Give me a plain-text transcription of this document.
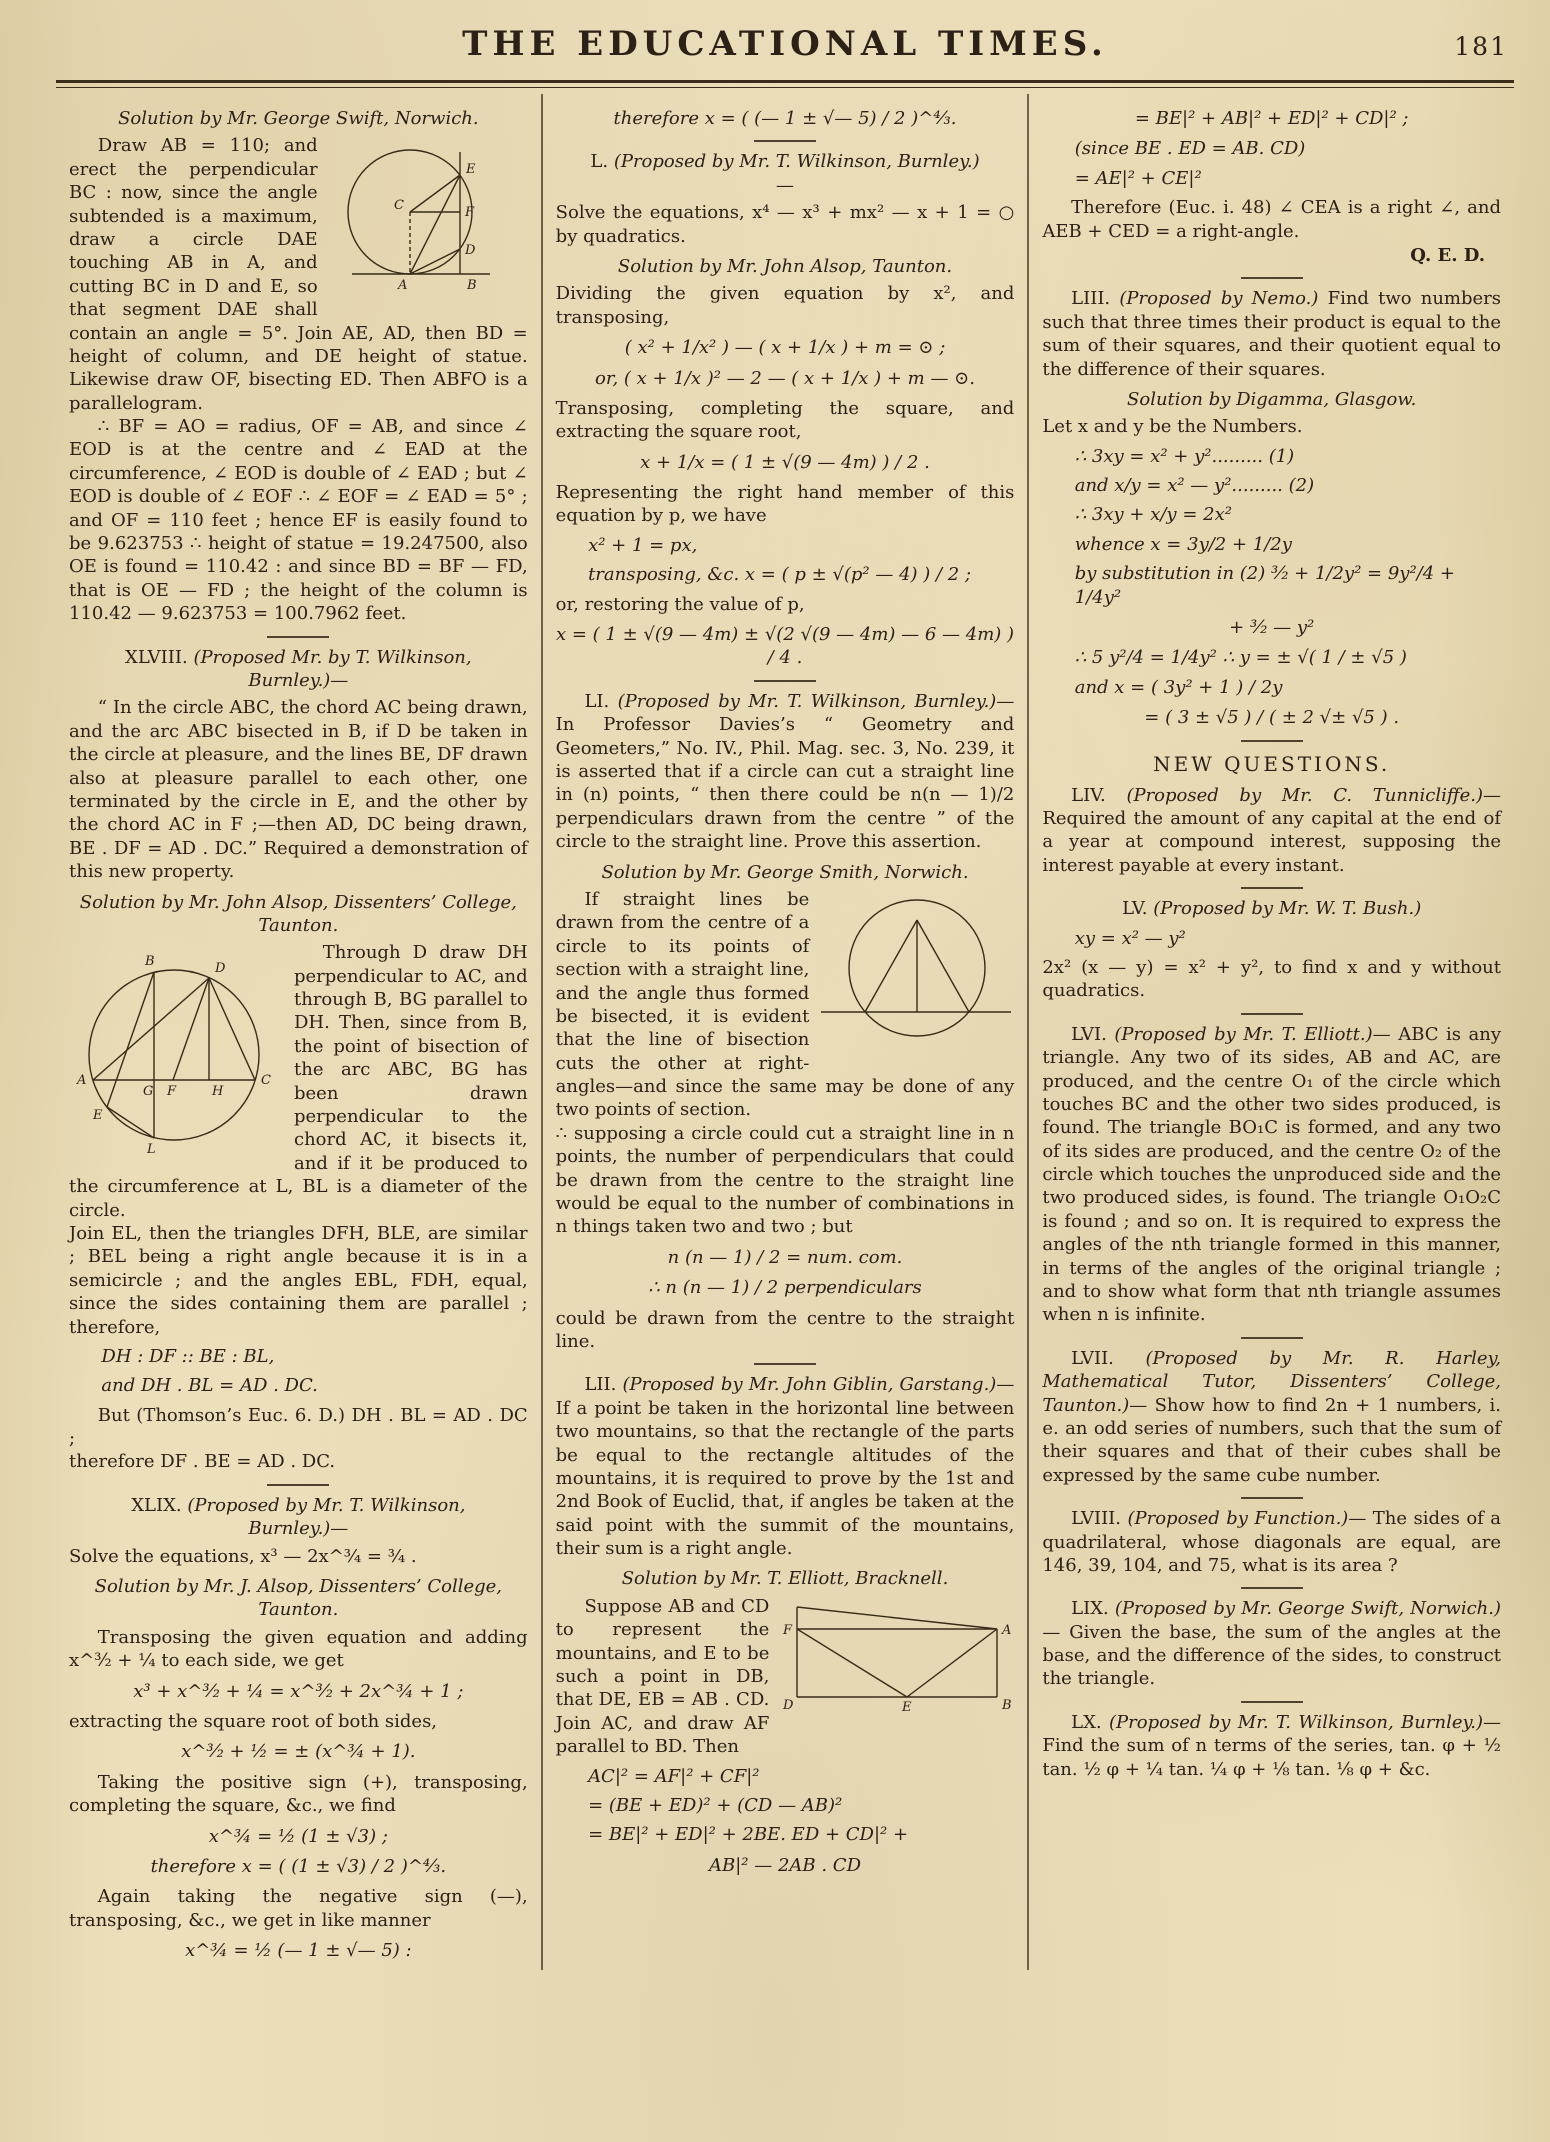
THE EDUCATIONAL TIMES.	181

Solution by Mr. George Swift, Norwich.

E
C	F
D
A	B
Draw AB = 110; and erect the perpendicular BC : now, since the angle subtended is a maximum, draw a circle DAE touching AB in A, and cutting BC in D and E, so that segment DAE shall contain an angle = 5°. Join AE, AD, then BD = height of column, and DE height of statue. Likewise draw OF, bisecting ED. Then ABFO is a parallelogram.

∴ BF = AO = radius, OF = AB, and since ∠ EOD is at the centre and ∠ EAD at the circumference, ∠ EOD is double of ∠ EAD ; but ∠ EOD is double of ∠ EOF ∴ ∠ EOF = ∠ EAD = 5° ; and OF = 110 feet ; hence EF is easily found to be 9.623753 ∴ height of statue = 19.247500, also OE is found = 110.42 : and since BD = BF — FD, that is OE — FD ; the height of the column is 110.42 — 9.623753 = 100.7962 feet.

XLVIII. (Proposed Mr. by T. Wilkinson, Burnley.)—

“ In the circle ABC, the chord AC being drawn, and the arc ABC bisected in B, if D be taken in the circle at pleasure, and the lines BE, DF drawn also at pleasure parallel to each other, one terminated by the circle in E, and the other by the chord AC in F ;—then AD, DC being drawn, BE . DF = AD . DC.” Required a demonstration of this new property.

Solution by Mr. John Alsop, Dissenters’ College, Taunton.

B	D
A
G F	H
C
E
L
Through D draw DH perpendicular to AC, and through B, BG parallel to DH. Then, since from B, the point of bisection of the arc ABC, BG has been drawn perpendicular to the chord AC, it bisects it, and if it be produced to the circumference at L, BL is a diameter of the circle.

Join EL, then the triangles DFH, BLE, are similar ; BEL being a right angle because it is in a semicircle ; and the angles EBL, FDH, equal, since the sides containing them are parallel ; therefore,

DH : DF :: BE : BL,

and DH . BL = AD . DC.

But (Thomson’s Euc. 6. D.) DH . BL = AD . DC ;

therefore DF . BE = AD . DC.

XLIX. (Proposed by Mr. T. Wilkinson, Burnley.)—

Solve the equations, x³ — 2x^¾ = ¾ .

Solution by Mr. J. Alsop, Dissenters’ College, Taunton.

Transposing the given equation and adding x^³⁄₂ + ¼ to each side, we get

x³ + x^³⁄₂ + ¼ = x^³⁄₂ + 2x^¾ + 1 ;

extracting the square root of both sides,

x^³⁄₂ + ½ = ± (x^¾ + 1).

Taking the positive sign (+), transposing, completing the square, &c., we find

x^¾ = ½ (1 ± √3) ;

therefore x = ( (1 ± √3) / 2 )^⁴⁄₃.

Again taking the negative sign (—), transposing, &c., we get in like manner

x^¾ = ½ (— 1 ± √— 5) :

therefore x = ( (— 1 ± √— 5) / 2 )^⁴⁄₃.

L. (Proposed by Mr. T. Wilkinson, Burnley.)—

Solve the equations, x⁴ — x³ + mx² — x + 1 = ○ by quadratics.

Solution by Mr. John Alsop, Taunton.

Dividing the given equation by x², and transposing,

( x² + 1/x² ) — ( x + 1/x ) + m = ⊙ ;

or, ( x + 1/x )² — 2 — ( x + 1/x ) + m — ⊙.

Transposing, completing the square, and extracting the square root,

x + 1/x = ( 1 ± √(9 — 4m) ) / 2 .

Representing the right hand member of this equation by p, we have

x² + 1 = px,

transposing, &c. x = ( p ± √(p² — 4) ) / 2 ;

or, restoring the value of p,

x = ( 1 ± √(9 — 4m) ± √(2 √(9 — 4m) — 6 — 4m) ) / 4 .

LI. (Proposed by Mr. T. Wilkinson, Burnley.)— In Professor Davies’s “ Geometry and Geometers,” No. IV., Phil. Mag. sec. 3, No. 239, it is asserted that if a circle can cut a straight line in (n) points, “ then there could be n(n — 1)/2 perpendiculars drawn from the centre ” of the circle to the straight line. Prove this assertion.

Solution by Mr. George Smith, Norwich.

If straight lines be drawn from the centre of a circle to its points of section with a straight line, and the angle thus formed be bisected, it is evident that the line of bisection cuts the other at right-angles—and since the same may be done of any two points of section.

∴ supposing a circle could cut a straight line in n points, the number of perpendiculars that could be drawn from the centre to the straight line would be equal to the number of combinations in n things taken two and two ; but

n (n — 1) / 2 = num. com.

∴ n (n — 1) / 2 perpendiculars

could be drawn from the centre to the straight line.

LII. (Proposed by Mr. John Giblin, Garstang.)— If a point be taken in the horizontal line between two mountains, so that the rectangle of the parts be equal to the rectangle altitudes of the mountains, it is required to prove by the 1st and 2nd Book of Euclid, that, if angles be taken at the said point with the summit of the mountains, their sum is a right angle.

Solution by Mr. T. Elliott, Bracknell.

F	A
D	E	B
Suppose AB and CD to represent the mountains, and E to be such a point in DB, that DE, EB = AB . CD. Join AC, and draw AF parallel to BD. Then

AC|² = AF|² + CF|²

= (BE + ED)² + (CD — AB)²

= BE|² + ED|² + 2BE. ED + CD|² +

AB|² — 2AB . CD

= BE|² + AB|² + ED|² + CD|² ;

(since BE . ED = AB. CD)

= AE|² + CE|²

Therefore (Euc. i. 48) ∠ CEA is a right ∠, and AEB + CED = a right-angle.

Q. E. D.

LIII. (Proposed by Nemo.) Find two numbers such that three times their product is equal to the sum of their squares, and their quotient equal to the difference of their squares.

Solution by Digamma, Glasgow.

Let x and y be the Numbers.

∴ 3xy = x² + y²......... (1)

and x/y = x² — y²......... (2)

∴ 3xy + x/y = 2x²

whence x = 3y/2 + 1/2y

by substitution in (2) ³⁄₂ + 1/2y² = 9y²/4 + 1/4y²

+ ³⁄₂ — y²

∴ 5 y²/4 = 1/4y² ∴ y = ± √( 1 / ± √5 )

and x = ( 3y² + 1 ) / 2y

= ( 3 ± √5 ) / ( ± 2 √± √5 ) .

NEW QUESTIONS.

LIV. (Proposed by Mr. C. Tunnicliffe.)— Required the amount of any capital at the end of a year at compound interest, supposing the interest payable at every instant.

LV. (Proposed by Mr. W. T. Bush.)

xy = x² — y²

2x² (x — y) = x² + y², to find x and y without quadratics.

LVI. (Proposed by Mr. T. Elliott.)— ABC is any triangle. Any two of its sides, AB and AC, are produced, and the centre O₁ of the circle which touches BC and the other two sides produced, is found. The triangle BO₁C is formed, and any two of its sides are produced, and the centre O₂ of the circle which touches the unproduced side and the two produced sides, is found. The triangle O₁O₂C is found ; and so on. It is required to express the angles of the nth triangle formed in this manner, in terms of the angles of the original triangle ; and to show what form that nth triangle assumes when n is infinite.

LVII. (Proposed by Mr. R. Harley, Mathematical Tutor, Dissenters’ College, Taunton.)— Show how to find 2n + 1 numbers, i. e. an odd series of numbers, such that the sum of their squares and that of their cubes shall be expressed by the same cube number.

LVIII. (Proposed by Function.)— The sides of a quadrilateral, whose diagonals are equal, are 146, 39, 104, and 75, what is its area ?

LIX. (Proposed by Mr. George Swift, Norwich.)— Given the base, the sum of the angles at the base, and the difference of the sides, to construct the triangle.

LX. (Proposed by Mr. T. Wilkinson, Burnley.)— Find the sum of n terms of the series, tan. φ + ½ tan. ½ φ + ¼ tan. ¼ φ + ⅛ tan. ⅛ φ + &c.
